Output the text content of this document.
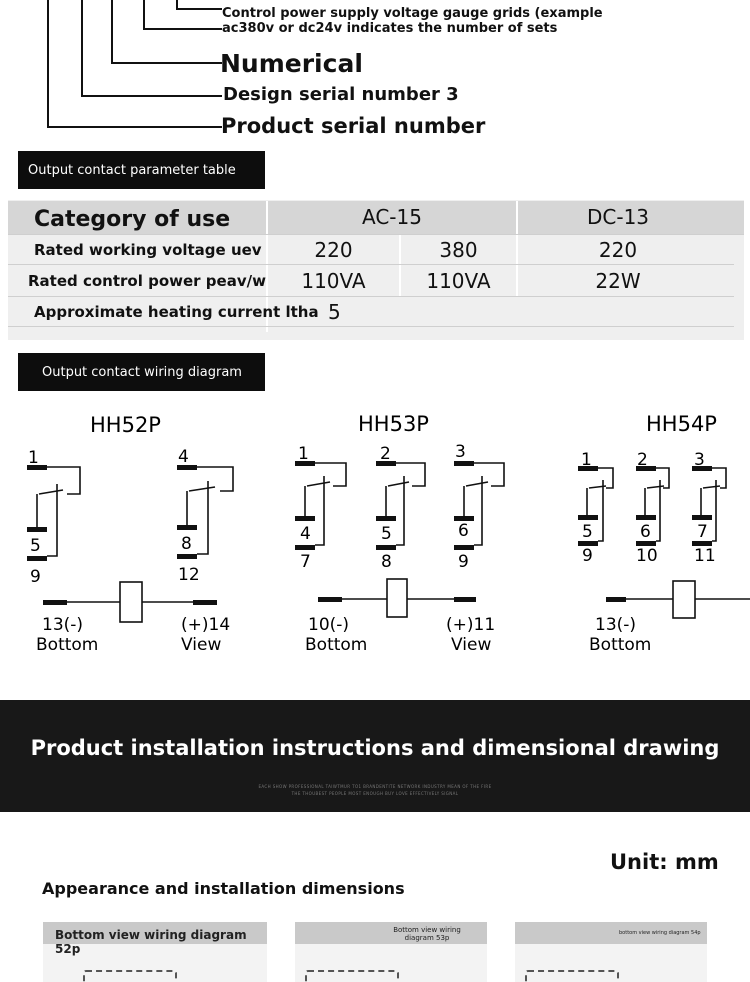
Control power supply voltage gauge grids (example
ac380v or dc24v indicates the number of sets
Numerical
Design serial number 3
Product serial number
Output contact parameter table
Category of use	AC-15	DC-13
Rated working voltage uev	220	380	220
Rated control power peav/w	110VA	110VA	22W
Approximate heating current ltha 5
Output contact wiring diagram
HH52P
1	4
5	8
9	12
13(-)	(+)14
Bottom	View
HH53P
1	2	3
4	5	6
7	8	9
10(-)	(+)11
Bottom	View
HH54P
1	2	3
5	6	7
9	10 11
13(-)
Bottom
Product installation instructions and dimensional drawing
EACH SHOW PROFESSIONAL TAIWTMUR TO1 BRANDENTITE NETWORK INDUSTRY MEAN OF THE FIRE
THE THOUBEST PEOPLE MOST ENOUGH BUY LOVE EFFECTIVELY SIGNAL
Unit: mm
Appearance and installation dimensions
Bottom view wiring diagram 52p
Bottom view wiring diagram 53p
bottom view wiring diagram 54p
